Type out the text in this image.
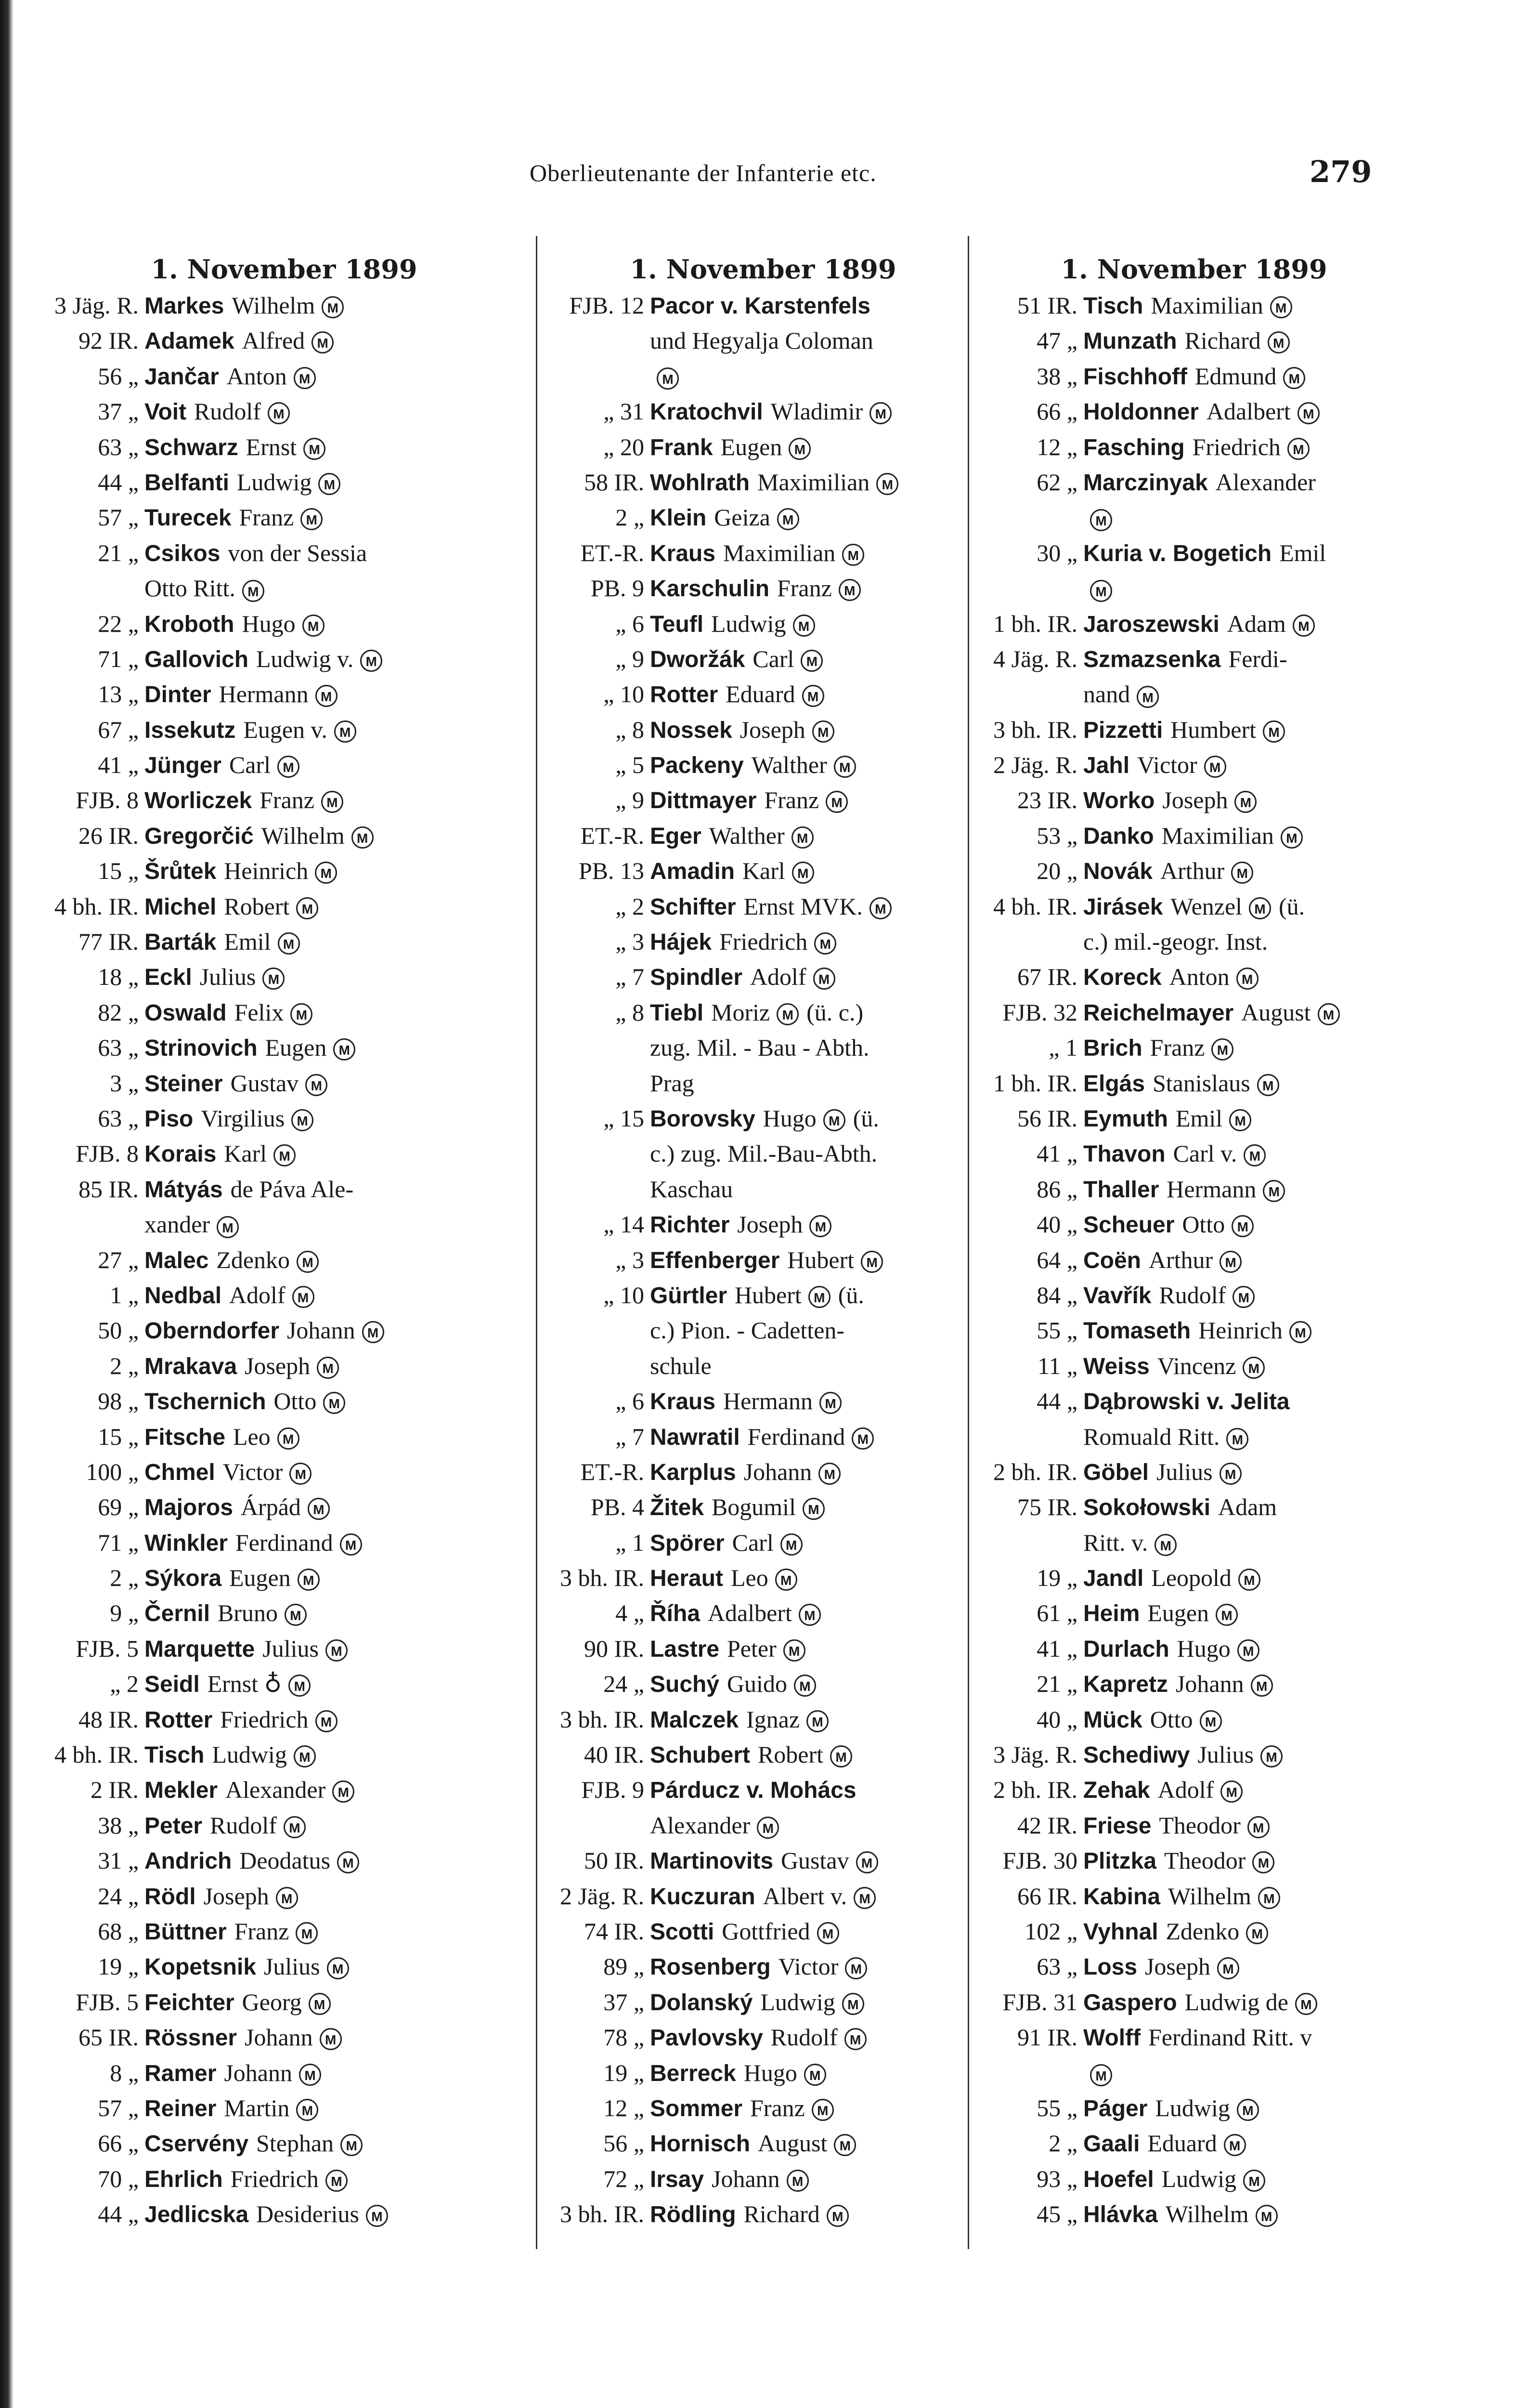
Oberlieutenante der Infanterie etc.	279
1. November 1899
3 Jäg. R. Markes Wilhelm M
92 IR. Adamek Alfred M
56 „ Jančar Anton M
37 „ Voit Rudolf M
63 „ Schwarz Ernst M
44 „ Belfanti Ludwig M
57 „ Turecek Franz M
21 „ Csikos von der Sessia
Otto Ritt. M
22 „ Kroboth Hugo M
71 „ Gallovich Ludwig v. M
13 „ Dinter Hermann M
67 „ Issekutz Eugen v. M
41 „ Jünger Carl M
FJB. 8 Worliczek Franz M
26 IR. Gregorčić Wilhelm M
15 „ Šrůtek Heinrich M
4 bh. IR. Michel Robert M
77 IR. Barták Emil M
18 „ Eckl Julius M
82 „ Oswald Felix M
63 „ Strinovich Eugen M
3 „ Steiner Gustav M
63 „ Piso Virgilius M
FJB. 8 Korais Karl M
85 IR. Mátyás de Páva Ale-
xander M
27 „ Malec Zdenko M
1 „ Nedbal Adolf M
50 „ Oberndorfer Johann M
2 „ Mrakava Joseph M
98 „ Tschernich Otto M
15 „ Fitsche Leo M
100 „ Chmel Victor M
69 „ Majoros Árpád M
71 „ Winkler Ferdinand M
2 „ Sýkora Eugen M
9 „ Černil Bruno M
FJB. 5 Marquette Julius M
„ 2 Seidl Ernst ♁ M
48 IR. Rotter Friedrich M
4 bh. IR. Tisch Ludwig M
2 IR. Mekler Alexander M
38 „ Peter Rudolf M
31 „ Andrich Deodatus M
24 „ Rödl Joseph M
68 „ Büttner Franz M
19 „ Kopetsnik Julius M
FJB. 5 Feichter Georg M
65 IR. Rössner Johann M
8 „ Ramer Johann M
57 „ Reiner Martin M
66 „ Cservény Stephan M
70 „ Ehrlich Friedrich M
44 „ Jedlicska Desiderius M
1. November 1899
FJB. 12 Pacor v. Karstenfels
und Hegyalja Coloman
M
„ 31 Kratochvil Wladimir M
„ 20 Frank Eugen M
58 IR. Wohlrath Maximilian M
2 „ Klein Geiza M
ET.-R. Kraus Maximilian M
PB. 9 Karschulin Franz M
„ 6 Teufl Ludwig M
„ 9 Dworžák Carl M
„ 10 Rotter Eduard M
„ 8 Nossek Joseph M
„ 5 Packeny Walther M
„ 9 Dittmayer Franz M
ET.-R. Eger Walther M
PB. 13 Amadin Karl M
„ 2 Schifter Ernst MVK. M
„ 3 Hájek Friedrich M
„ 7 Spindler Adolf M
„ 8 Tiebl Moriz M (ü. c.)
zug. Mil. - Bau - Abth.
Prag
„ 15 Borovsky Hugo M (ü.
c.) zug. Mil.-Bau-Abth.
Kaschau
„ 14 Richter Joseph M
„ 3 Effenberger Hubert M
„ 10 Gürtler Hubert M (ü.
c.) Pion. - Cadetten-
schule
„ 6 Kraus Hermann M
„ 7 Nawratil Ferdinand M
ET.-R. Karplus Johann M
PB. 4 Žitek Bogumil M
„ 1 Spörer Carl M
3 bh. IR. Heraut Leo M
4 „ Říha Adalbert M
90 IR. Lastre Peter M
24 „ Suchý Guido M
3 bh. IR. Malczek Ignaz M
40 IR. Schubert Robert M
FJB. 9 Párducz v. Mohács
Alexander M
50 IR. Martinovits Gustav M
2 Jäg. R. Kuczuran Albert v. M
74 IR. Scotti Gottfried M
89 „ Rosenberg Victor M
37 „ Dolanský Ludwig M
78 „ Pavlovsky Rudolf M
19 „ Berreck Hugo M
12 „ Sommer Franz M
56 „ Hornisch August M
72 „ Irsay Johann M
3 bh. IR. Rödling Richard M
1. November 1899
51 IR. Tisch Maximilian M
47 „ Munzath Richard M
38 „ Fischhoff Edmund M
66 „ Holdonner Adalbert M
12 „ Fasching Friedrich M
62 „ Marczinyak Alexander
M
30 „ Kuria v. Bogetich Emil
M
1 bh. IR. Jaroszewski Adam M
4 Jäg. R. Szmazsenka Ferdi-
nand M
3 bh. IR. Pizzetti Humbert M
2 Jäg. R. Jahl Victor M
23 IR. Worko Joseph M
53 „ Danko Maximilian M
20 „ Novák Arthur M
4 bh. IR. Jirásek Wenzel M (ü.
c.) mil.-geogr. Inst.
67 IR. Koreck Anton M
FJB. 32 Reichelmayer August M
„ 1 Brich Franz M
1 bh. IR. Elgás Stanislaus M
56 IR. Eymuth Emil M
41 „ Thavon Carl v. M
86 „ Thaller Hermann M
40 „ Scheuer Otto M
64 „ Coën Arthur M
84 „ Vavřík Rudolf M
55 „ Tomaseth Heinrich M
11 „ Weiss Vincenz M
44 „ Dąbrowski v. Jelita
Romuald Ritt. M
2 bh. IR. Göbel Julius M
75 IR. Sokołowski Adam
Ritt. v. M
19 „ Jandl Leopold M
61 „ Heim Eugen M
41 „ Durlach Hugo M
21 „ Kapretz Johann M
40 „ Mück Otto M
3 Jäg. R. Schediwy Julius M
2 bh. IR. Zehak Adolf M
42 IR. Friese Theodor M
FJB. 30 Plitzka Theodor M
66 IR. Kabina Wilhelm M
102 „ Vyhnal Zdenko M
63 „ Loss Joseph M
FJB. 31 Gaspero Ludwig de M
91 IR. Wolff Ferdinand Ritt. v
M
55 „ Páger Ludwig M
2 „ Gaali Eduard M
93 „ Hoefel Ludwig M
45 „ Hlávka Wilhelm M
